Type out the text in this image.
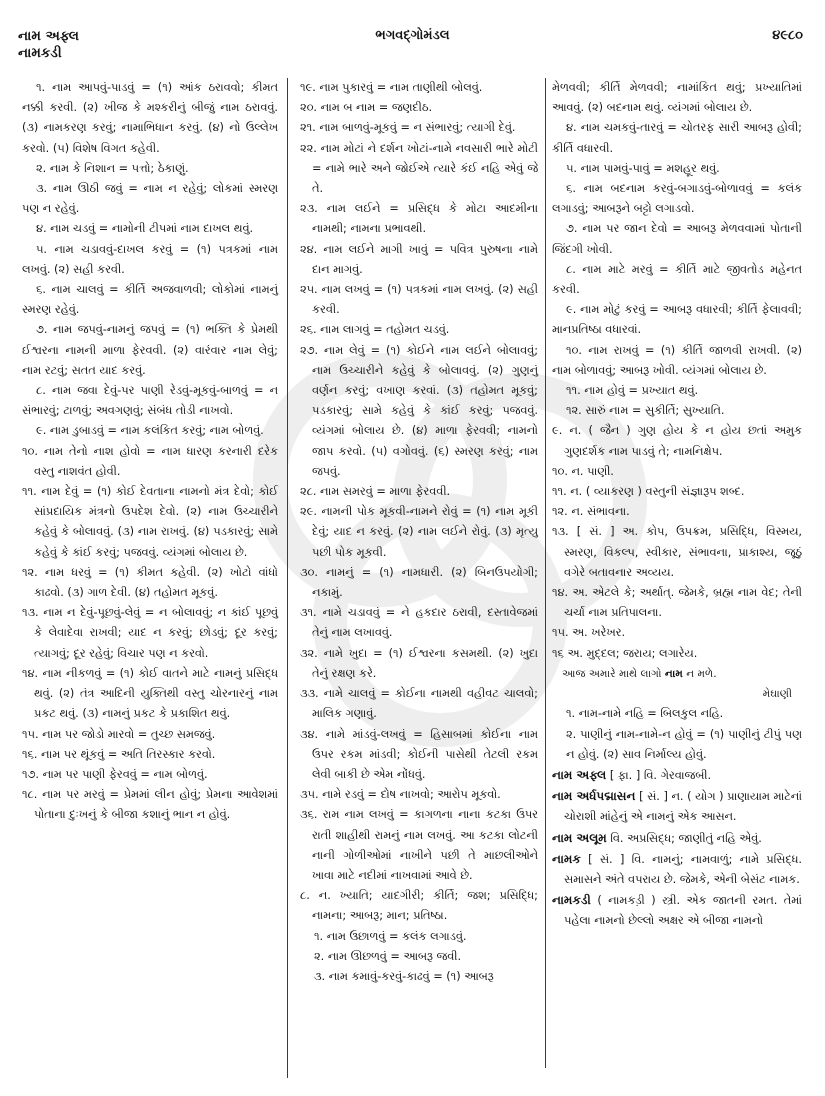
નામ અફ્લ
નામકડી
ભગવદ્ગોમંડલ	૪૯૮૦
૧. નામ આપવું-પાડવું = (૧) આંક ઠરાવવો; કીમત નક્કી કરવી. (૨) ખીજ કે મશ્કરીનું બીજું નામ ઠરાવવું. (૩) નામકરણ કરવું; નામાભિધાન કરવું. (૪) નો ઉલ્લેખ કરવો. (૫) વિશેષ વિગત કહેવી.
૨. નામ કે નિશાન = પત્તો; ઠેકાણું.
૩. નામ ઊઠી જવું = નામ ન રહેવું; લોકમાં સ્મરણ પણ ન રહેવું.
૪. નામ ચડવું = નામોની ટીપમાં નામ દાખલ થવું.
૫. નામ ચડાવવું-દાખલ કરવું = (૧) પત્રકમાં નામ લખવું. (૨) સહી કરવી.
૬. નામ ચાલવું = કીર્તિ અજવાળવી; લોકોમાં નામનું સ્મરણ રહેવું.
૭. નામ જપવું-નામનું જપવું = (૧) ભક્તિ કે પ્રેમથી ઈશ્વરના નામની માળા ફેરવવી. (૨) વારંવાર નામ લેવું; નામ રટવું; સતત યાદ કરવું.
૮. નામ જવા દેવું-પર પાણી રેડવું-મૂકવું-બાળવું = ન સંભારવું; ટાળવું; અવગણવું; સંબંધ તોડી નાખવો.
૯. નામ ડુબાડવું = નામ કલંકિત કરવું; નામ બોળવું.
૧૦. નામ તેનો નાશ હોવો = નામ ધારણ કરનારી દરેક વસ્તુ નાશવંત હોવી.
૧૧. નામ દેવું = (૧) કોઈ દેવતાના નામનો મંત્ર દેવો; કોઈ સાંપ્રદાયિક મંત્રનો ઉપદેશ દેવો. (૨) નામ ઉચ્ચારીને કહેવું કે બોલાવવું. (૩) નામ રાખવું. (૪) પડકારવું; સામે કહેવું કે કાંઈ કરવું; પજવવું. વ્યંગમાં બોલાય છે.
૧૨. નામ ધરવું = (૧) કીમત કહેવી. (૨) ખોટો વાંધો કાઢવો. (૩) ગાળ દેવી. (૪) તહોમત મૂકવું.
૧૩. નામ ન દેવું-પૂછવું-લેવું = ન બોલાવવું; ન કાંઈ પૂછવું કે લેવાદેવા રાખવી; યાદ ન કરવું; છોડવું; દૂર કરવું; ત્યાગવું; દૂર રહેવું; વિચાર પણ ન કરવો.
૧૪. નામ નીકળવું = (૧) કોઈ વાતને માટે નામનું પ્રસિદ્ધ થવું. (૨) તંત્ર આદિની યુક્તિથી વસ્તુ ચોરનારનું નામ પ્રકટ થવું. (૩) નામનું પ્રકટ કે પ્રકાશિત થવું.
૧૫. નામ પર જોડો મારવો = તુચ્છ સમજવું.
૧૬. નામ પર થૂંકવું = અતિ તિરસ્કાર કરવો.
૧૭. નામ પર પાણી ફેરવવું = નામ બોળવું.
૧૮. નામ પર મરવું = પ્રેમમાં લીન હોવું; પ્રેમના આવેશમાં પોતાના દુઃખનું કે બીજા કશાનું ભાન ન હોવું.
૧૯. નામ પુકારવું = નામ તાણીથી બોલવું.
૨૦. નામ બ નામ = જણદીઠ.
૨૧. નામ બાળવું-મૂકવું = ન સંભારવું; ત્યાગી દેવું.
૨૨. નામ મોટાં ને દર્શન ખોટાં-નામે નવસારી ભારે મોટી = નામે ભારે અને જોઈએ ત્યારે કંઈ નહિ એવું જે તે.
૨૩. નામ લઈને = પ્રસિદ્ધ કે મોટા આદમીના નામથી; નામના પ્રભાવથી.
૨૪. નામ લઈને માગી ખાવું = પવિત્ર પુરુષના નામે દાન માગવું.
૨૫. નામ લખવું = (૧) પત્રકમાં નામ લખવું. (૨) સહી કરવી.
૨૬. નામ લાગવું = તહોમત ચડવું.
૨૭. નામ લેવું = (૧) કોઈને નામ લઈને બોલાવવું; નામ ઉચ્ચારીને કહેવું કે બોલાવવું. (૨) ગુણનું વર્ણન કરવું; વખાણ કરવાં. (૩) તહોમત મૂકવું; પડકારવું; સામે કહેવું કે કાંઈ કરવું; પજવવું. વ્યંગમાં બોલાય છે. (૪) માળા ફેરવવી; નામનો જાપ કરવો. (૫) વગોવવું. (૬) સ્મરણ કરવું; નામ જપવું.
૨૮. નામ સમરવું = માળા ફેરવવી.
૨૯. નામની પોક મૂકવી-નામને રોવું = (૧) નામ મૂકી દેવું; યાદ ન કરવું. (૨) નામ લઈને રોવું. (૩) મૃત્યુ પછી પોક મૂકવી.
૩૦. નામનું = (૧) નામધારી. (૨) બિનઉપયોગી; નકામું.
૩૧. નામે ચડાવવું = ને હકદાર ઠરાવી, દસ્તાવેજમાં તેનું નામ લખાવવું.
૩૨. નામે ખુદા = (૧) ઈશ્વરના કસમથી. (૨) ખુદા તેનું રક્ષણ કરે.
૩૩. નામે ચાલવું = કોઈના નામથી વહીવટ ચાલવો; માલિક ગણાવું.
૩૪. નામે માંડવું-લખવું = હિસાબમાં કોઈના નામ ઉપર રકમ માંડવી; કોઈની પાસેથી તેટલી રકમ લેવી બાકી છે એમ નોંધવું.
૩૫. નામે રડવું = દોષ નાખવો; આરોપ મૂકવો.
૩૬. રામ નામ લખવું = કાગળના નાના કટકા ઉપર રાતી શાહીથી રામનું નામ લખવું. આ કટકા લોટની નાની ગોળીઓમાં નાખીને પછી તે માછલીઓને ખાવા માટે નદીમાં નાખવામાં આવે છે.
૮. ન. ખ્યાતિ; યાદગીરી; કીર્તિ; જશ; પ્રસિદ્ધિ; નામના; આબરૂ; માન; પ્રતિષ્ઠા.
૧. નામ ઉછાળવું = કલંક લગાડવું.
૨. નામ ઊછળવું = આબરૂ જવી.
૩. નામ કમાવું-કરવું-કાઢવું = (૧) આબરૂ
મેળવવી; કીર્તિ મેળવવી; નામાંકિત થવું; પ્રખ્યાતિમાં આવવું. (૨) બદનામ થવું. વ્યંગમાં બોલાય છે.
૪. નામ ચમકવું-તારવું = ચોતરફ સારી આબરૂ હોવી; કીર્તિ વધારવી.
૫. નામ પામવું-પાવું = મશહૂર થવું.
૬. નામ બદનામ કરવું-બગાડવું-બોળાવવું = કલંક લગાડવું; આબરૂને બટ્ટો લગાડવો.
૭. નામ પર જાન દેવો = આબરૂ મેળવવામાં પોતાની જિંદગી ખોવી.
૮. નામ માટે મરવું = કીર્તિ માટે જીવતોડ મહેનત કરવી.
૯. નામ મોટું કરવું = આબરૂ વધારવી; કીર્તિ ફેલાવવી; માનપ્રતિષ્ઠા વધારવાં.
૧૦. નામ રાખવું = (૧) કીર્તિ જાળવી રાખવી. (૨) નામ બોળાવવું; આબરૂ ખોવી. વ્યંગમાં બોલાય છે.
૧૧. નામ હોવું = પ્રખ્યાત થવું.
૧૨. સારું નામ = સુકીર્તિ; સુખ્યાતિ.
૯. ન. ( જૈન ) ગુણ હોય કે ન હોય છતાં અમુક ગુણદર્શક નામ પાડવું તે; નામનિક્ષેપ.
૧૦. ન. પાણી.
૧૧. ન. ( વ્યાકરણ ) વસ્તુની સંજ્ઞારૂપ શબ્દ.
૧૨. ન. સંભાવના.
૧૩. [ સં. ] અ. કોપ, ઉપક્રમ, પ્રસિદ્ધિ, વિસ્મય, સ્મરણ, વિકલ્પ, સ્વીકાર, સંભાવના, પ્રાકાશ્ય, જૂઠું વગેરે બતાવનાર અવ્યય.
૧૪. અ. એટલે કે; અર્થાત્. જેમકે, બ્રહ્મ નામ વેદ; તેની ચર્ચા નામ પ્રતિપાલના.
૧૫. અ. ખરેખર.
૧૬ અ. મુદ્દલ; જરાય; લગારેય.
આજ અમારે માથે લાગો નામ ન મળે.
મેઘાણી
૧. નામ-નામે નહિ = બિલકુલ નહિ.
૨. પાણીનું નામ-નામે-ન હોવું = (૧) પાણીનું ટીપું પણ ન હોવું. (૨) સાવ નિર્માલ્ય હોવું.
નામ અફ્લ [ ફા. ] વિ. ગેરવાજબી.
નામ અર્ધપદ્માસન [ સં. ] ન. ( યોગ ) પ્રાણાયામ માટેનાં ચોરાશી માંહેનું એ નામનું એક આસન.
નામ અલૂમ વિ. અપ્રસિદ્ધ; જાણીતું નહિ એવું.
નામક [ સં. ] વિ. નામનું; નામવાળું; નામે પ્રસિદ્ધ. સમાસને અંતે વપરાય છે. જેમકે, એની બેસંટ નામક.
નામકડી ( નામકડ઼ી ) સ્ત્રી. એક જાતની રમત. તેમાં પહેલા નામનો છેલ્લો અક્ષર એ બીજા નામનો
